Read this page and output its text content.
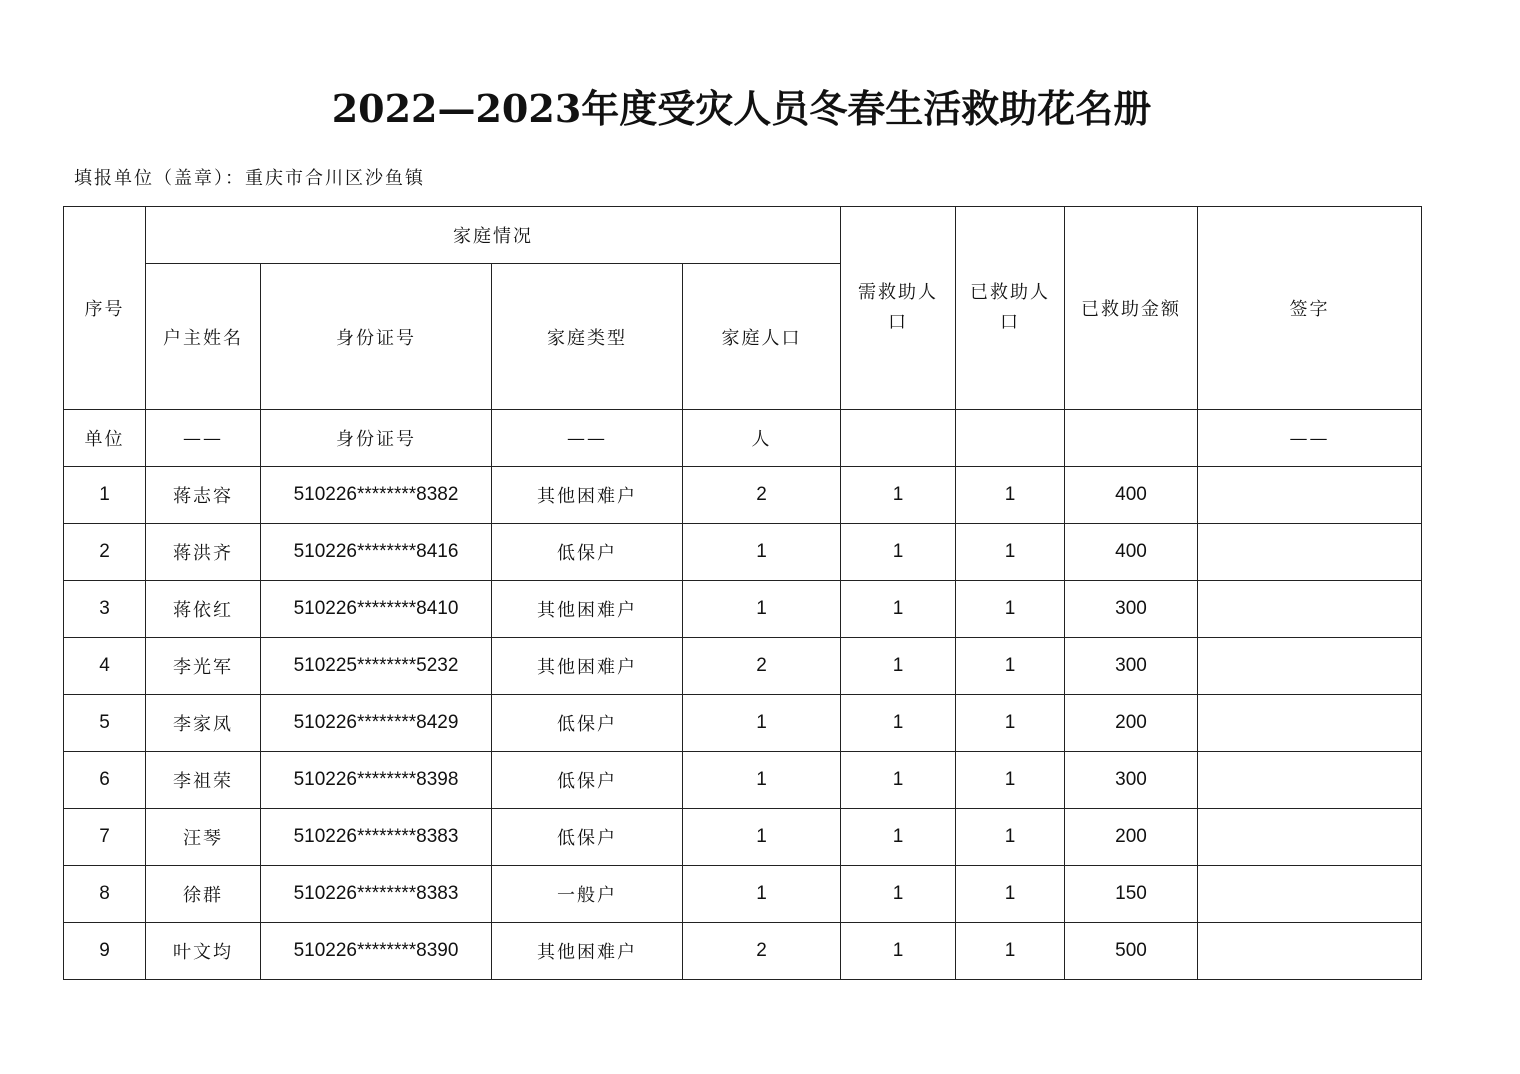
2022—2023年度受灾人员冬春生活救助花名册

填报单位（盖章）：重庆市合川区沙鱼镇

序号	家庭情况				需救助人口	已救助人口	已救助金额	签字
	户主姓名	身份证号	家庭类型	家庭人口				
单位	——	身份证号	——	人				——
1	蒋志容	510226********8382	其他困难户	2	1	1	400	
2	蒋洪齐	510226********8416	低保户	1	1	1	400	
3	蒋依红	510226********8410	其他困难户	1	1	1	300	
4	李光军	510225********5232	其他困难户	2	1	1	300	
5	李家凤	510226********8429	低保户	1	1	1	200	
6	李祖荣	510226********8398	低保户	1	1	1	300	
7	汪琴	510226********8383	低保户	1	1	1	200	
8	徐群	510226********8383	一般户	1	1	1	150	
9	叶文均	510226********8390	其他困难户	2	1	1	500	
